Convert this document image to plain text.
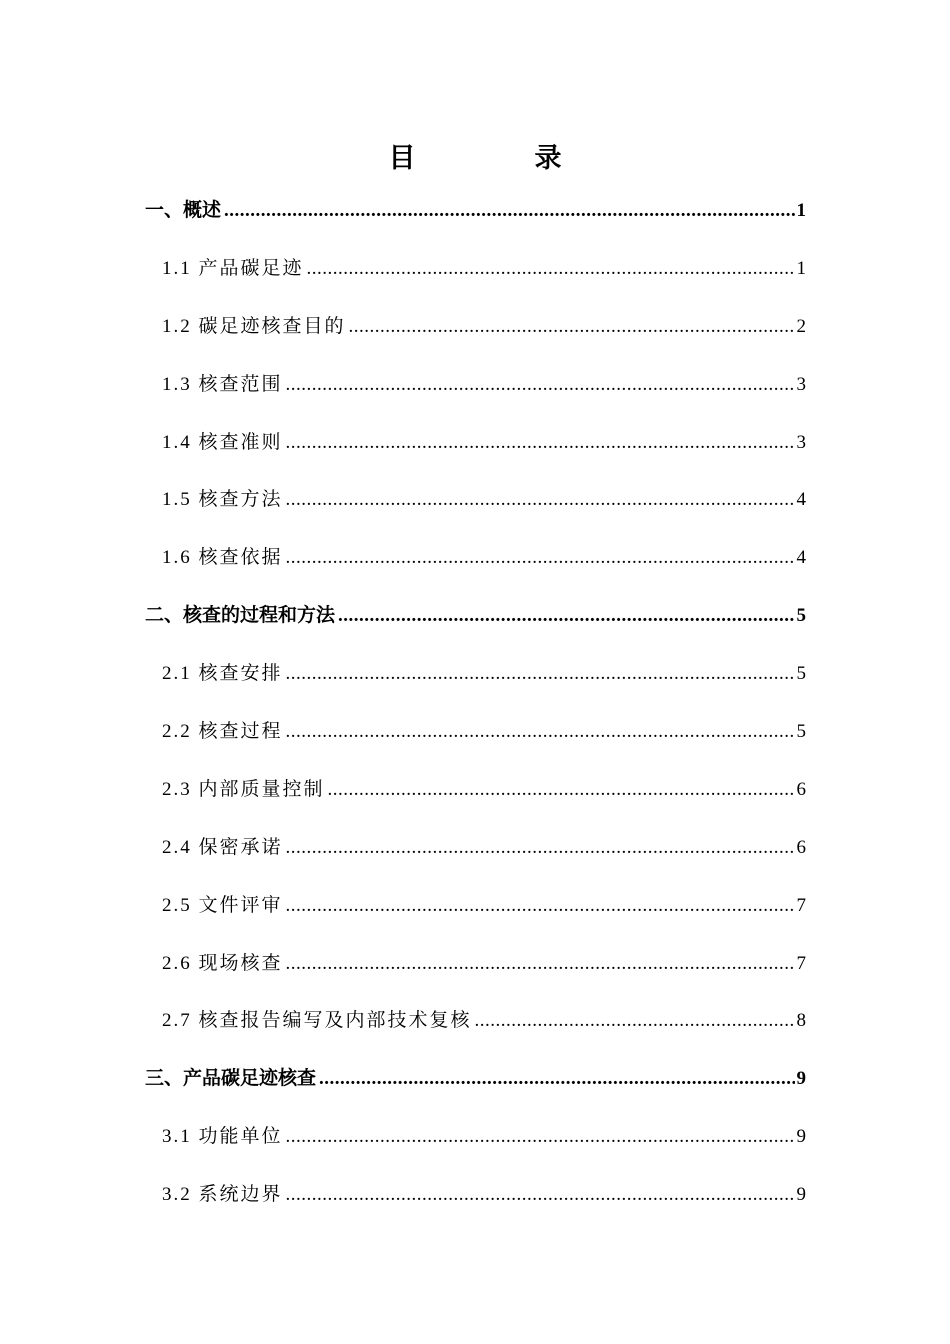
目　录
一、概述 .....	1
1.1 产品碳足迹 .....	1
1.2 碳足迹核查目的 .....	2
1.3 核查范围 .....	3
1.4 核查准则 .....	3
1.5 核查方法 .....	4
1.6 核查依据 .....	4
二、核查的过程和方法 .....	5
2.1 核查安排 .....	5
2.2 核查过程 .....	5
2.3 内部质量控制 .....	6
2.4 保密承诺 .....	6
2.5 文件评审 .....	7
2.6 现场核查 .....	7
2.7 核查报告编写及内部技术复核 .....	8
三、产品碳足迹核查 .....	9
3.1 功能单位 .....	9
3.2 系统边界 .....	9
